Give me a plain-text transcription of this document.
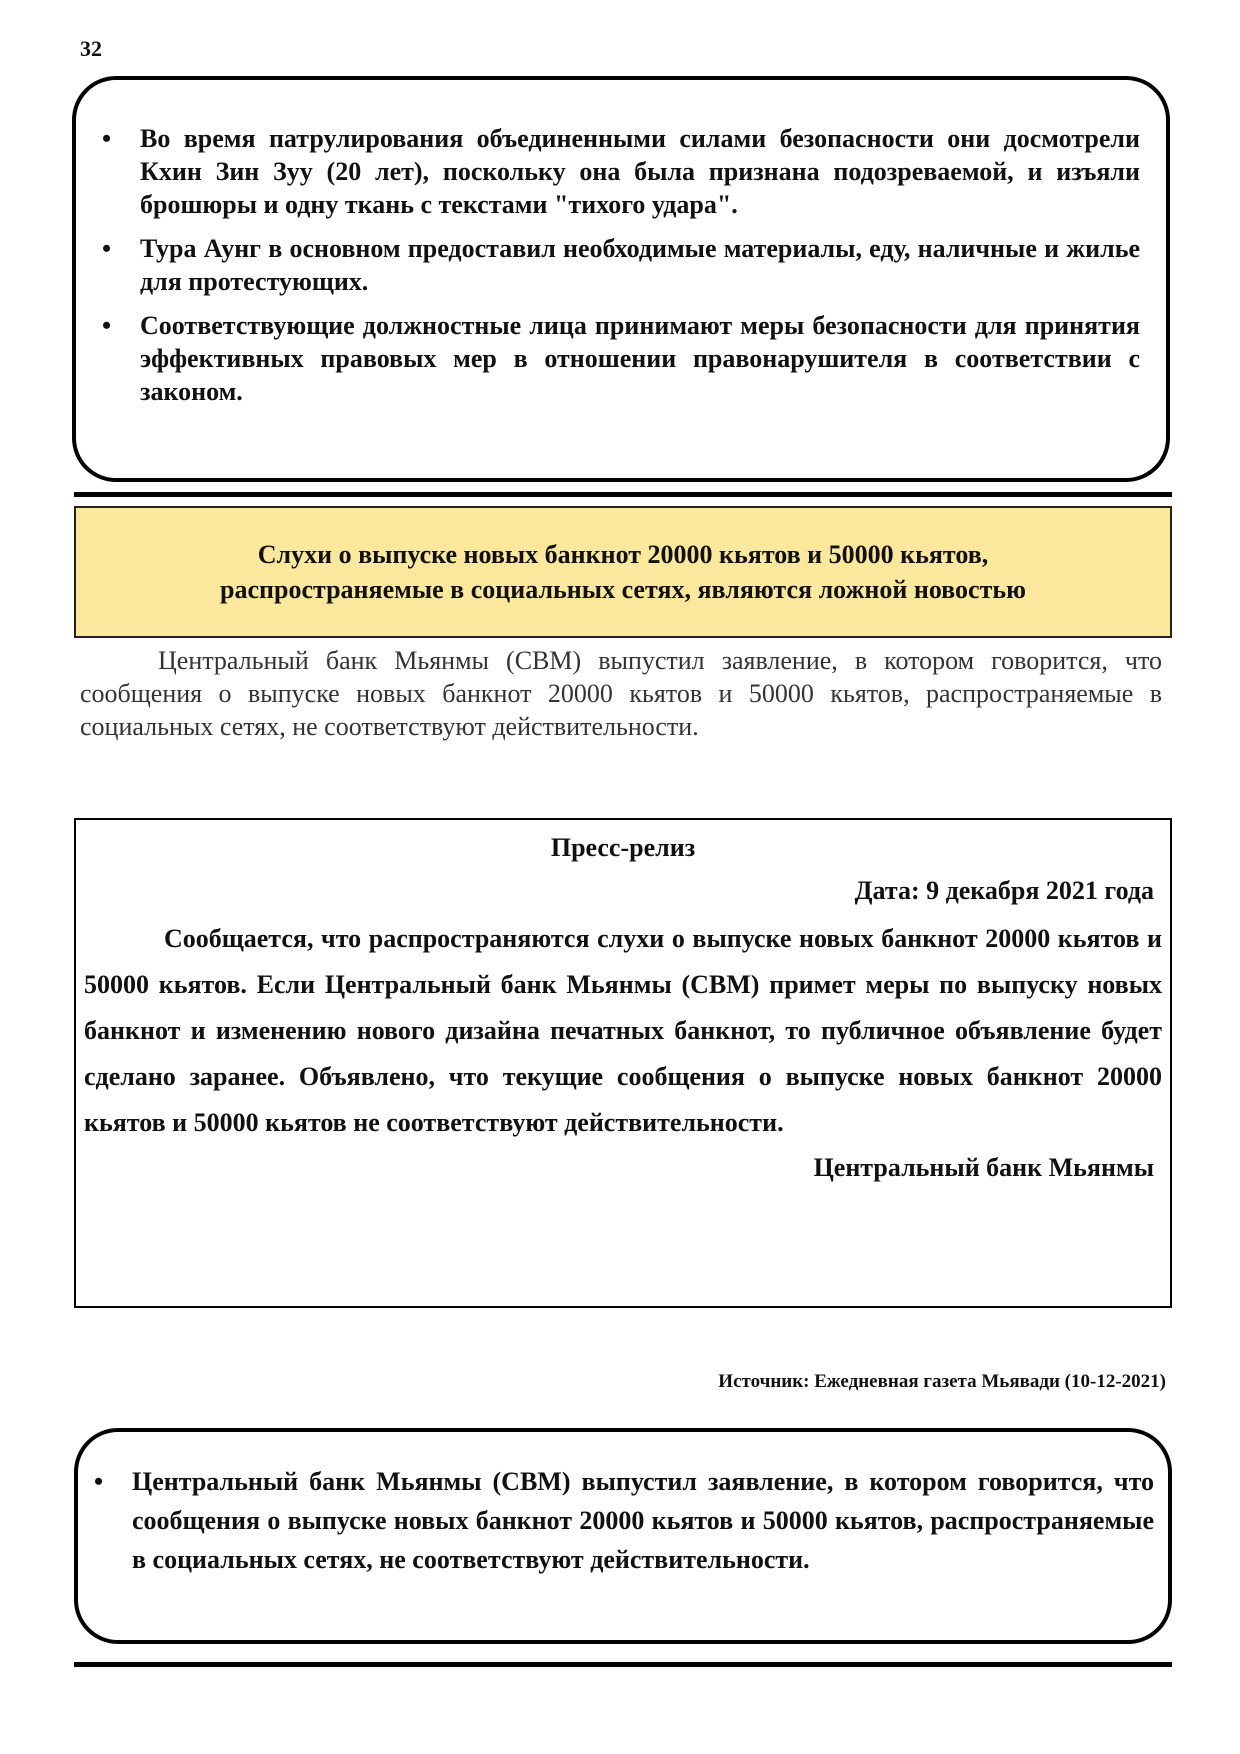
32
• Во время патрулирования объединенными силами безопасности они досмотрели Кхин Зин Зуу (20 лет), поскольку она была признана подозреваемой, и изъяли брошюры и одну ткань с текстами "тихого удара".
• Тура Аунг в основном предоставил необходимые материалы, еду, наличные и жилье для протестующих.
• Соответствующие должностные лица принимают меры безопасности для принятия эффективных правовых мер в отношении правонарушителя в соответствии с законом.
Слухи о выпуске новых банкнот 20000 кьятов и 50000 кьятов,
распространяемые в социальных сетях, являются ложной новостью

Центральный банк Мьянмы (CBM) выпустил заявление, в котором говорится, что сообщения о выпуске новых банкнот 20000 кьятов и 50000 кьятов, распространяемые в социальных сетях, не соответствуют действительности.

Пресс-релиз

Дата: 9 декабря 2021 года

Сообщается, что распространяются слухи о выпуске новых банкнот 20000 кьятов и 50000 кьятов. Если Центральный банк Мьянмы (CBM) примет меры по выпуску новых банкнот и изменению нового дизайна печатных банкнот, то публичное объявление будет сделано заранее. Объявлено, что текущие сообщения о выпуске новых банкнот 20000 кьятов и 50000 кьятов не соответствуют действительности.

Центральный банк Мьянмы

Источник: Ежедневная газета Мьявади (10-12-2021)

• Центральный банк Мьянмы (CBM) выпустил заявление, в котором говорится, что сообщения о выпуске новых банкнот 20000 кьятов и 50000 кьятов, распространяемые в социальных сетях, не соответствуют действительности.
